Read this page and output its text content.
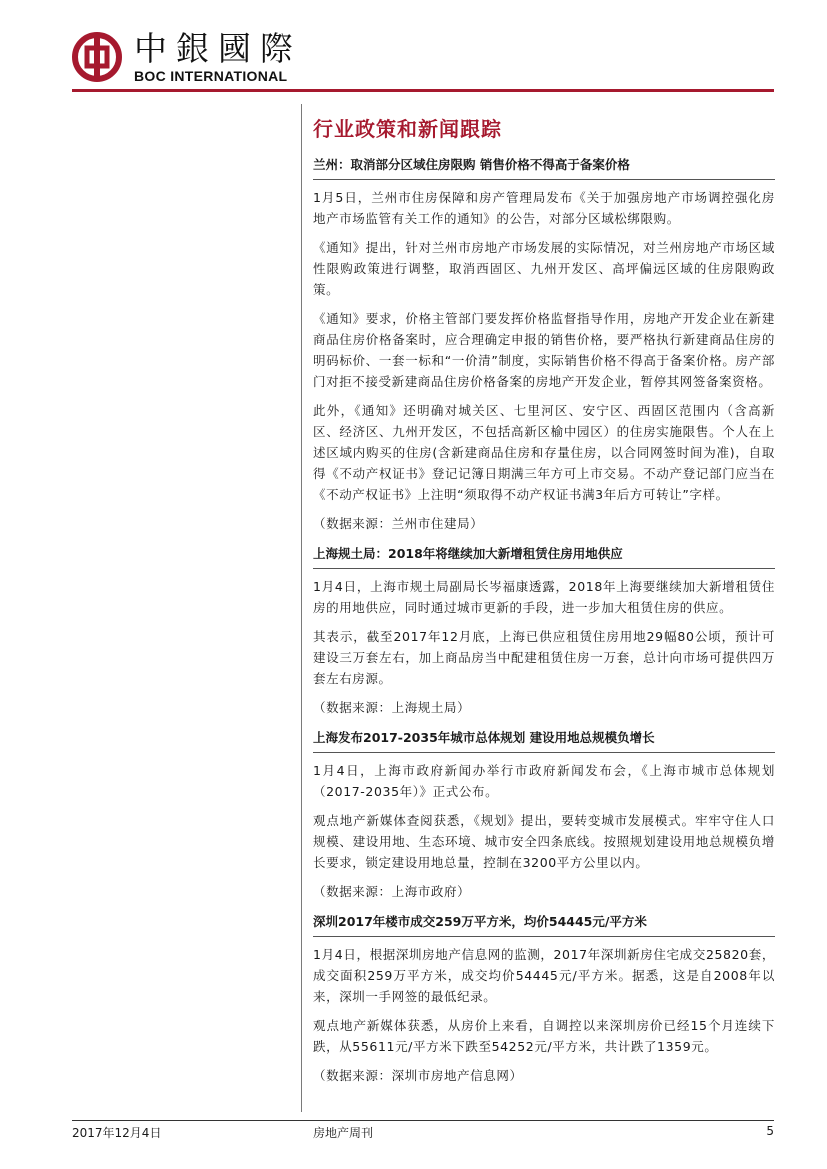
中銀國際
BOC INTERNATIONAL
行业政策和新闻跟踪
兰州：取消部分区域住房限购 销售价格不得高于备案价格

1月5日，兰州市住房保障和房产管理局发布《关于加强房地产市场调控强化房地产市场监管有关工作的通知》的公告，对部分区域松绑限购。

《通知》提出，针对兰州市房地产市场发展的实际情况，对兰州房地产市场区域性限购政策进行调整，取消西固区、九州开发区、高坪偏远区域的住房限购政策。

《通知》要求，价格主管部门要发挥价格监督指导作用，房地产开发企业在新建商品住房价格备案时，应合理确定申报的销售价格，要严格执行新建商品住房的明码标价、一套一标和“一价清”制度，实际销售价格不得高于备案价格。房产部门对拒不接受新建商品住房价格备案的房地产开发企业，暂停其网签备案资格。

此外，《通知》还明确对城关区、七里河区、安宁区、西固区范围内（含高新区、经济区、九州开发区，不包括高新区榆中园区）的住房实施限售。个人在上述区域内购买的住房(含新建商品住房和存量住房，以合同网签时间为准)，自取得《不动产权证书》登记记簿日期满三年方可上市交易。不动产登记部门应当在《不动产权证书》上注明“须取得不动产权证书满3年后方可转让”字样。

（数据来源：兰州市住建局）

上海规土局：2018年将继续加大新增租赁住房用地供应

1月4日，上海市规土局副局长岑福康透露，2018年上海要继续加大新增租赁住房的用地供应，同时通过城市更新的手段，进一步加大租赁住房的供应。

其表示，截至2017年12月底，上海已供应租赁住房用地29幅80公顷，预计可建设三万套左右，加上商品房当中配建租赁住房一万套，总计向市场可提供四万套左右房源。

（数据来源：上海规土局）

上海发布2017-2035年城市总体规划 建设用地总规模负增长

1月4日，上海市政府新闻办举行市政府新闻发布会，《上海市城市总体规划（2017-2035年）》正式公布。

观点地产新媒体查阅获悉，《规划》提出，要转变城市发展模式。牢牢守住人口规模、建设用地、生态环境、城市安全四条底线。按照规划建设用地总规模负增长要求，锁定建设用地总量，控制在3200平方公里以内。

（数据来源：上海市政府）

深圳2017年楼市成交259万平方米，均价54445元/平方米

1月4日，根据深圳房地产信息网的监测，2017年深圳新房住宅成交25820套，成交面积259万平方米，成交均价54445元/平方米。据悉，这是自2008年以来，深圳一手网签的最低纪录。

观点地产新媒体获悉，从房价上来看，自调控以来深圳房价已经15个月连续下跌，从55611元/平方米下跌至54252元/平方米，共计跌了1359元。

（数据来源：深圳市房地产信息网）

2017年12月4日	房地产周刊	5
